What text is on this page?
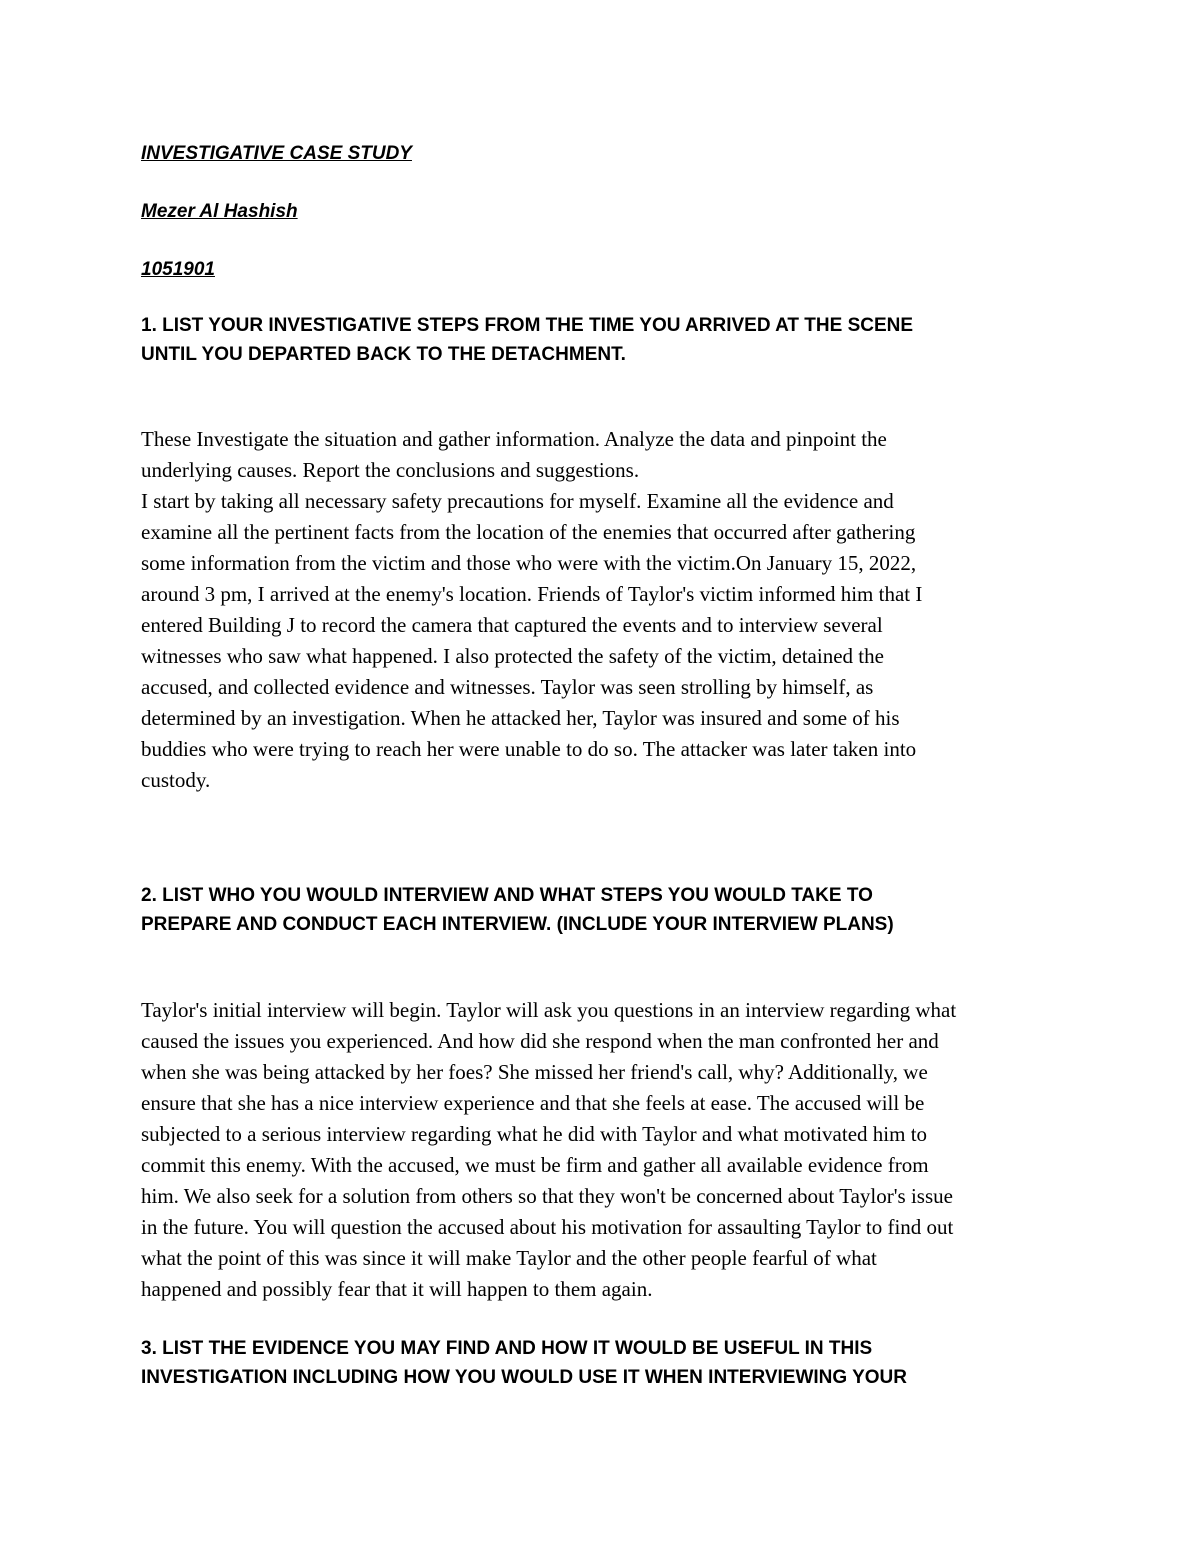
INVESTIGATIVE CASE STUDY
Mezer Al Hashish
1051901
1. LIST YOUR INVESTIGATIVE STEPS FROM THE TIME YOU ARRIVED AT THE SCENE
UNTIL YOU DEPARTED BACK TO THE DETACHMENT.
These Investigate the situation and gather information. Analyze the data and pinpoint the
underlying causes. Report the conclusions and suggestions.
I start by taking all necessary safety precautions for myself. Examine all the evidence and
examine all the pertinent facts from the location of the enemies that occurred after gathering
some information from the victim and those who were with the victim.On January 15, 2022,
around 3 pm, I arrived at the enemy's location. Friends of Taylor's victim informed him that I
entered Building J to record the camera that captured the events and to interview several
witnesses who saw what happened. I also protected the safety of the victim, detained the
accused, and collected evidence and witnesses. Taylor was seen strolling by himself, as
determined by an investigation. When he attacked her, Taylor was insured and some of his
buddies who were trying to reach her were unable to do so. The attacker was later taken into
custody.
2. LIST WHO YOU WOULD INTERVIEW AND WHAT STEPS YOU WOULD TAKE TO
PREPARE AND CONDUCT EACH INTERVIEW. (INCLUDE YOUR INTERVIEW PLANS)
Taylor's initial interview will begin. Taylor will ask you questions in an interview regarding what
caused the issues you experienced. And how did she respond when the man confronted her and
when she was being attacked by her foes? She missed her friend's call, why? Additionally, we
ensure that she has a nice interview experience and that she feels at ease. The accused will be
subjected to a serious interview regarding what he did with Taylor and what motivated him to
commit this enemy. With the accused, we must be firm and gather all available evidence from
him. We also seek for a solution from others so that they won't be concerned about Taylor's issue
in the future. You will question the accused about his motivation for assaulting Taylor to find out
what the point of this was since it will make Taylor and the other people fearful of what
happened and possibly fear that it will happen to them again.
3. LIST THE EVIDENCE YOU MAY FIND AND HOW IT WOULD BE USEFUL IN THIS
INVESTIGATION INCLUDING HOW YOU WOULD USE IT WHEN INTERVIEWING YOUR
